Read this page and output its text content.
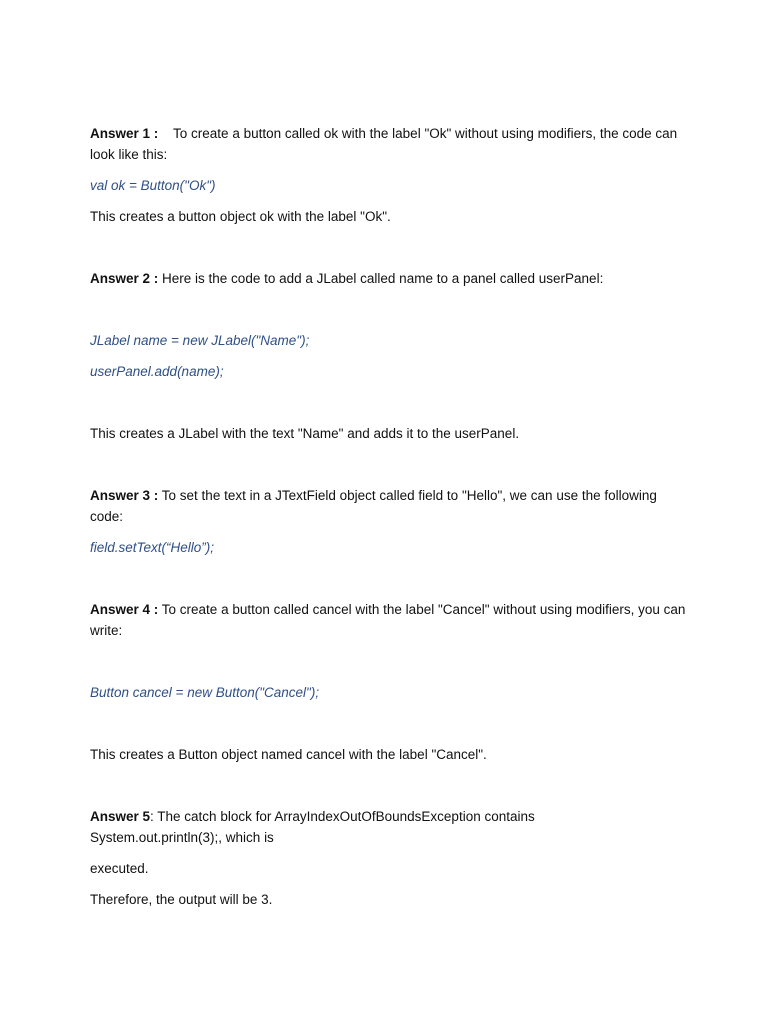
Answer 1 :    To create a button called ok with the label "Ok" without using modifiers, the code can look like this:

val ok = Button("Ok")

This creates a button object ok with the label "Ok".

Answer 2 : Here is the code to add a JLabel called name to a panel called userPanel:

JLabel name = new JLabel("Name");

userPanel.add(name);

This creates a JLabel with the text "Name" and adds it to the userPanel.

Answer 3 : To set the text in a JTextField object called field to "Hello", we can use the following code:

field.setText(“Hello”);

Answer 4 : To create a button called cancel with the label "Cancel" without using modifiers, you can write:

Button cancel = new Button("Cancel");

This creates a Button object named cancel with the label "Cancel".

Answer 5: The catch block for ArrayIndexOutOfBoundsException contains System.out.println(3);, which is

executed.

Therefore, the output will be 3.
